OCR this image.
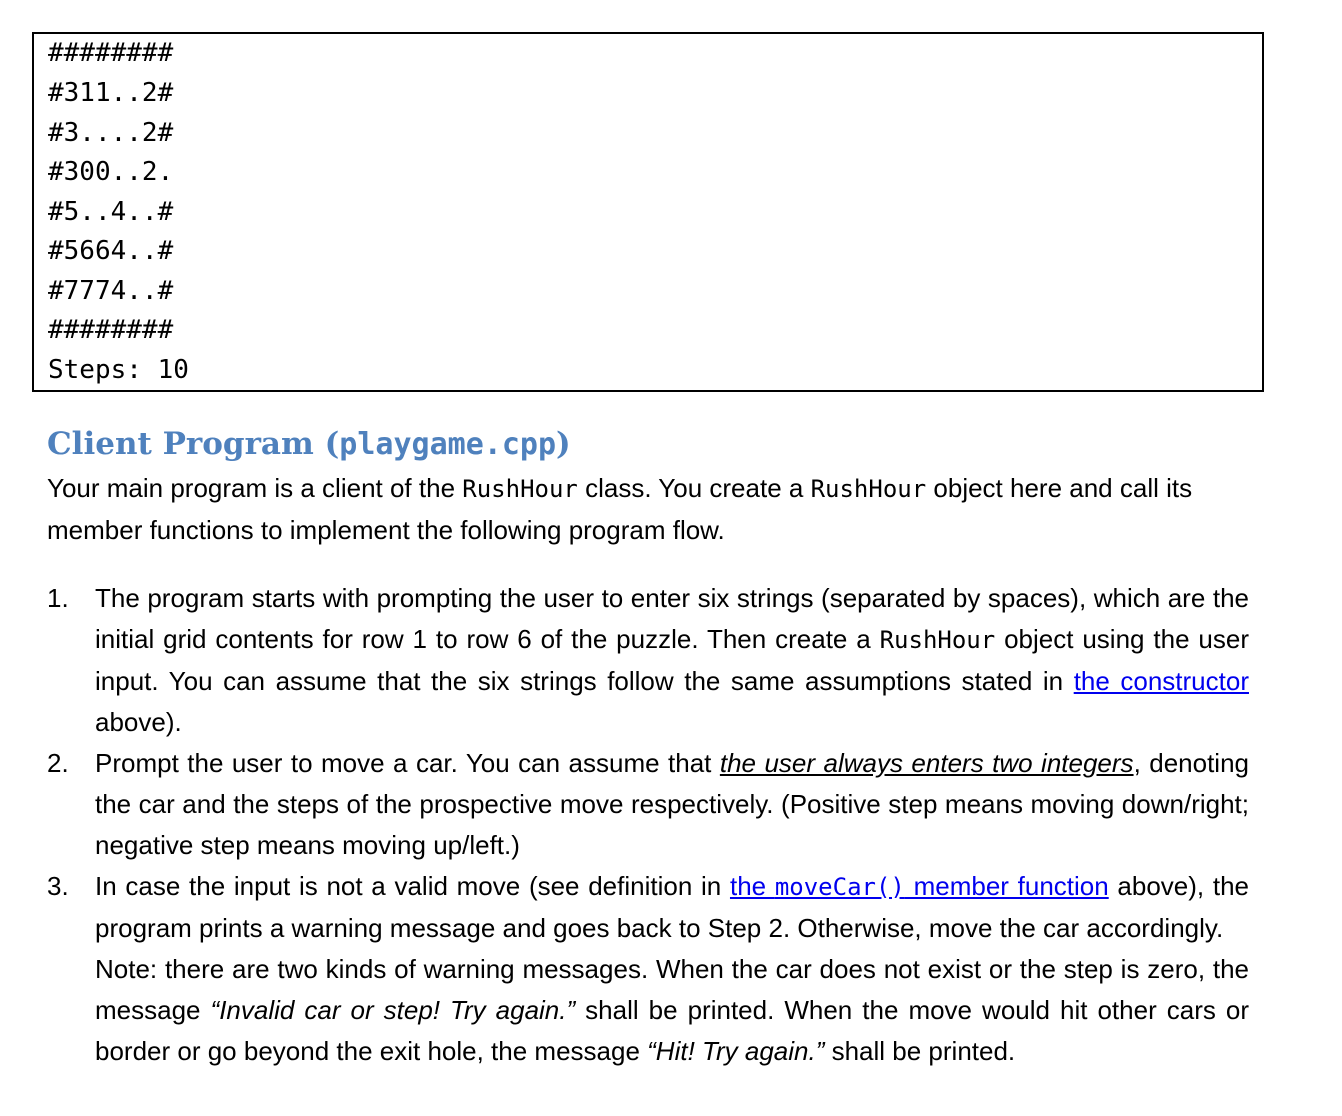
########
#311..2#
#3....2#
#300..2.
#5..4..#
#5664..#
#7774..#
########
Steps: 10
Client Program (playgame.cpp)
Your main program is a client of the RushHour class. You create a RushHour object here and call its member functions to implement the following program flow.
1. The program starts with prompting the user to enter six strings (separated by spaces), which are the initial grid contents for row 1 to row 6 of the puzzle. Then create a RushHour object using the user input. You can assume that the six strings follow the same assumptions stated in the constructor above).
2. Prompt the user to move a car. You can assume that the user always enters two integers, denoting the car and the steps of the prospective move respectively. (Positive step means moving down/right; negative step means moving up/left.)
3. In case the input is not a valid move (see definition in the moveCar() member function above), the program prints a warning message and goes back to Step 2. Otherwise, move the car accordingly.
Note: there are two kinds of warning messages. When the car does not exist or the step is zero, the message “Invalid car or step! Try again.” shall be printed. When the move would hit other cars or border or go beyond the exit hole, the message “Hit! Try again.” shall be printed.
